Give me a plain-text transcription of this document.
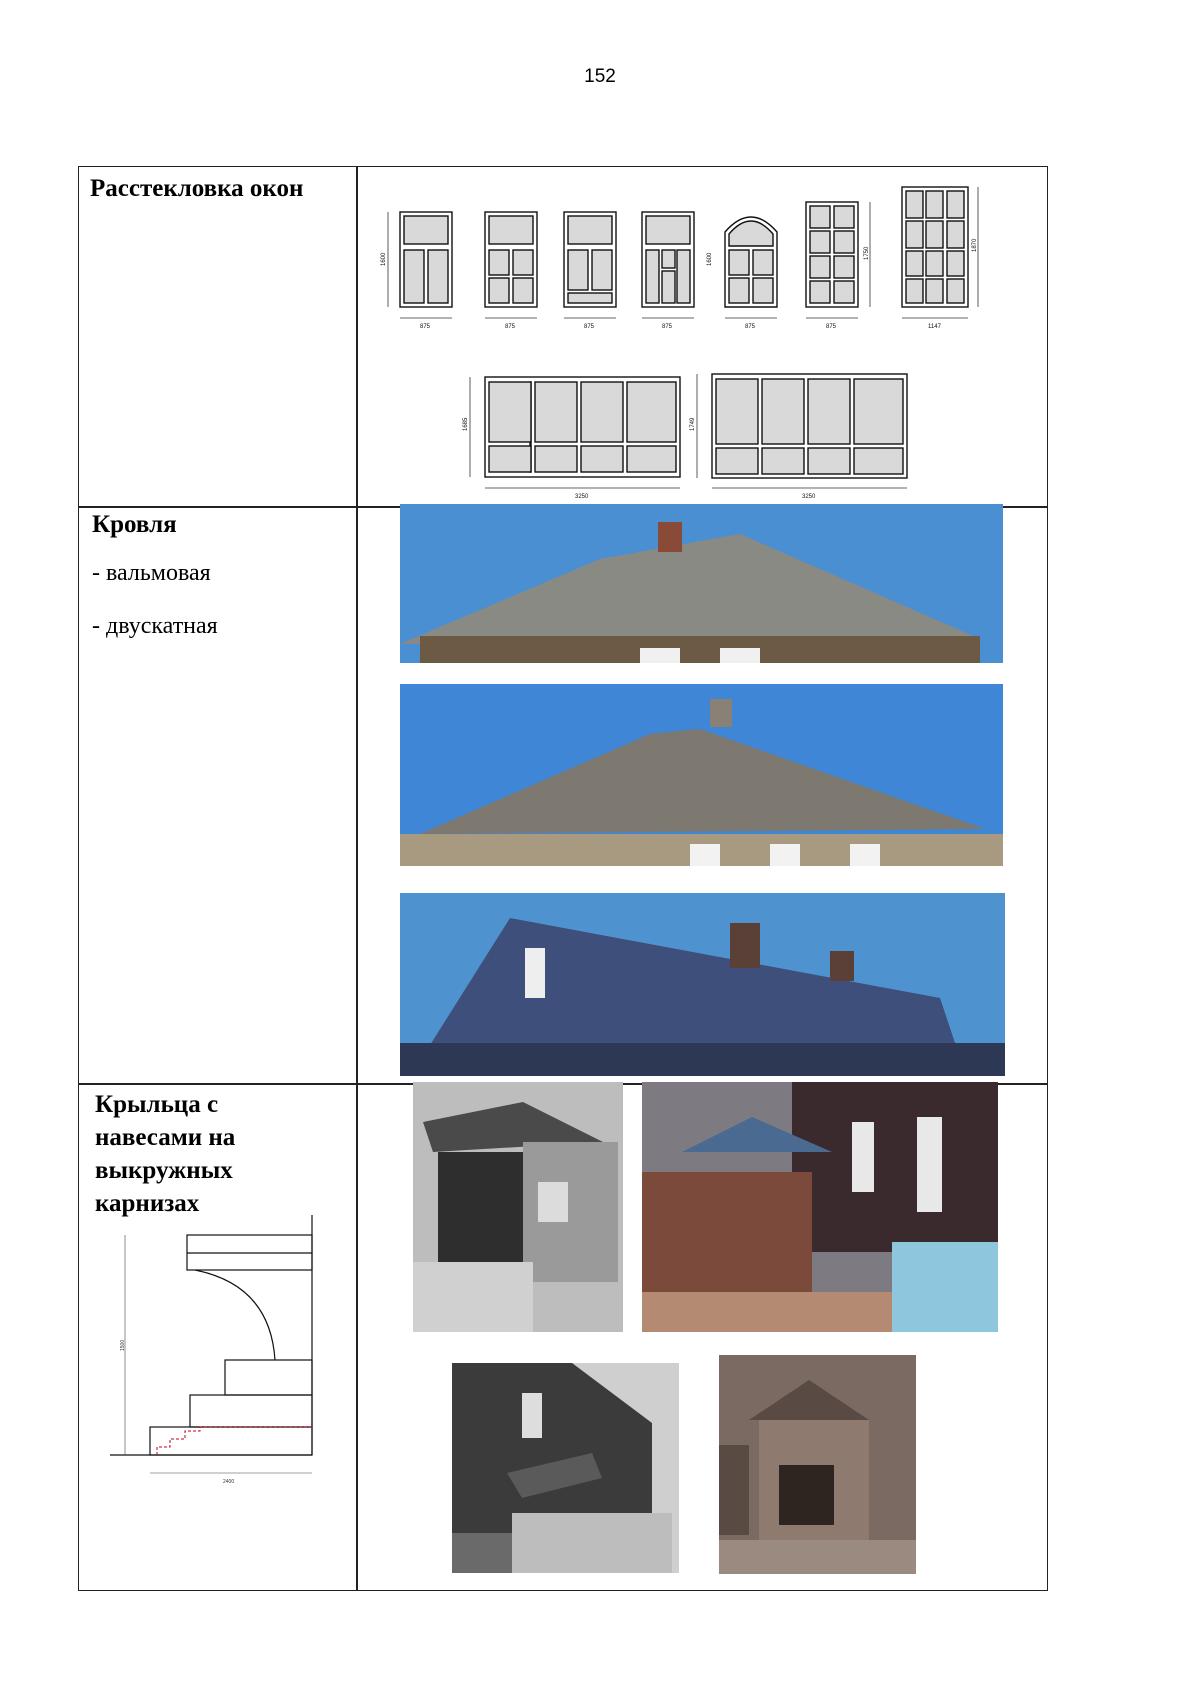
152
Расстекловка окон
875	875	875	875	875	875	1147
3250	3250
1600	1600	1750
1870
1685	1749
Кровля
- вальмовая
- двускатная
Крыльца с
навесами на
выкружных
карнизах
1500
2400
